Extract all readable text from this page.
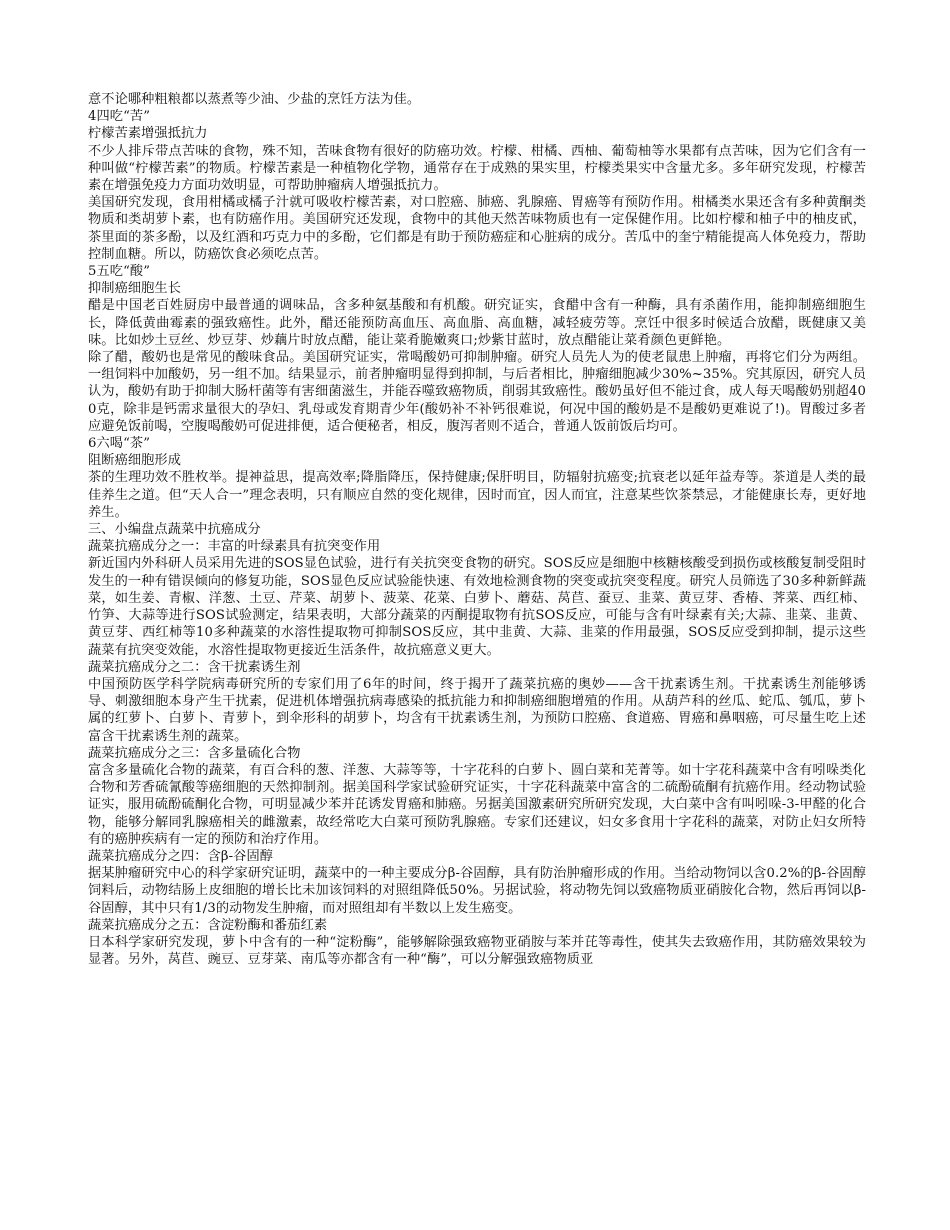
意不论哪种粗粮都以蒸煮等少油、少盐的烹饪方法为佳。

4四吃“苦”

柠檬苦素增强抵抗力

不少人排斥带点苦味的食物，殊不知，苦味食物有很好的防癌功效。柠檬、柑橘、西柚、葡萄柚等水果都有点苦味，因为它们含有一种叫做“柠檬苦素”的物质。柠檬苦素是一种植物化学物，通常存在于成熟的果实里，柠檬类果实中含量尤多。多年研究发现，柠檬苦素在增强免疫力方面功效明显，可帮助肿瘤病人增强抵抗力。

美国研究发现，食用柑橘或橘子汁就可吸收柠檬苦素，对口腔癌、肺癌、乳腺癌、胃癌等有预防作用。柑橘类水果还含有多种黄酮类物质和类胡萝卜素，也有防癌作用。美国研究还发现，食物中的其他天然苦味物质也有一定保健作用。比如柠檬和柚子中的柚皮甙，茶里面的茶多酚，以及红酒和巧克力中的多酚，它们都是有助于预防癌症和心脏病的成分。苦瓜中的奎宁精能提高人体免疫力，帮助控制血糖。所以，防癌饮食必须吃点苦。

5五吃“酸”

抑制癌细胞生长

醋是中国老百姓厨房中最普通的调味品，含多种氨基酸和有机酸。研究证实，食醋中含有一种酶，具有杀菌作用，能抑制癌细胞生长，降低黄曲霉素的强致癌性。此外，醋还能预防高血压、高血脂、高血糖，减轻疲劳等。烹饪中很多时候适合放醋，既健康又美味。比如炒土豆丝、炒豆芽、炒藕片时放点醋，能让菜肴脆嫩爽口;炒紫甘蓝时，放点醋能让菜肴颜色更鲜艳。

除了醋，酸奶也是常见的酸味食品。美国研究证实，常喝酸奶可抑制肿瘤。研究人员先人为的使老鼠患上肿瘤，再将它们分为两组。一组饲料中加酸奶，另一组不加。结果显示，前者肿瘤明显得到抑制，与后者相比，肿瘤细胞减少30%~35%。究其原因，研究人员认为，酸奶有助于抑制大肠杆菌等有害细菌滋生，并能吞噬致癌物质，削弱其致癌性。酸奶虽好但不能过食，成人每天喝酸奶别超400克，除非是钙需求量很大的孕妇、乳母或发育期青少年(酸奶补不补钙很难说，何况中国的酸奶是不是酸奶更难说了!)。胃酸过多者应避免饭前喝，空腹喝酸奶可促进排便，适合便秘者，相反，腹泻者则不适合，普通人饭前饭后均可。

6六喝“茶”

阻断癌细胞形成

茶的生理功效不胜枚举。提神益思，提高效率;降脂降压，保持健康;保肝明目，防辐射抗癌变;抗衰老以延年益寿等。茶道是人类的最佳养生之道。但“天人合一”理念表明，只有顺应自然的变化规律，因时而宜，因人而宜，注意某些饮茶禁忌，才能健康长寿，更好地养生。

三、小编盘点蔬菜中抗癌成分

蔬菜抗癌成分之一：丰富的叶绿素具有抗突变作用

新近国内外科研人员采用先进的SOS显色试验，进行有关抗突变食物的研究。SOS反应是细胞中核糖核酸受到损伤或核酸复制受阻时发生的一种有错误倾向的修复功能，SOS显色反应试验能快速、有效地检测食物的突变或抗突变程度。研究人员筛选了30多种新鲜蔬菜，如生姜、青椒、洋葱、土豆、芹菜、胡萝卜、菠菜、花菜、白萝卜、蘑菇、莴苣、蚕豆、韭菜、黄豆芽、香椿、荠菜、西红柿、竹笋、大蒜等进行SOS试验测定，结果表明，大部分蔬菜的丙酮提取物有抗SOS反应，可能与含有叶绿素有关;大蒜、韭菜、韭黄、黄豆芽、西红柿等10多种蔬菜的水溶性提取物可抑制SOS反应，其中韭黄、大蒜、韭菜的作用最强，SOS反应受到抑制，提示这些蔬菜有抗突变效能，水溶性提取物更接近生活条件，故抗癌意义更大。

蔬菜抗癌成分之二：含干扰素诱生剂

中国预防医学科学院病毒研究所的专家们用了6年的时间，终于揭开了蔬菜抗癌的奥妙——含干扰素诱生剂。干扰素诱生剂能够诱导、刺激细胞本身产生干扰素，促进机体增强抗病毒感染的抵抗能力和抑制癌细胞增殖的作用。从葫芦科的丝瓜、蛇瓜、瓠瓜，萝卜属的红萝卜、白萝卜、青萝卜，到伞形科的胡萝卜，均含有干扰素诱生剂，为预防口腔癌、食道癌、胃癌和鼻咽癌，可尽量生吃上述富含干扰素诱生剂的蔬菜。

蔬菜抗癌成分之三：含多量硫化合物

富含多量硫化合物的蔬菜，有百合科的葱、洋葱、大蒜等等，十字花科的白萝卜、圆白菜和芜菁等。如十字花科蔬菜中含有吲哚类化合物和芳香硫氰酸等癌细胞的天然抑制剂。据美国科学家试验研究证实，十字花科蔬菜中富含的二硫酚硫酮有抗癌作用。经动物试验证实，服用硫酚硫酮化合物，可明显减少苯并芘诱发胃癌和肺癌。另据美国激素研究所研究发现，大白菜中含有叫吲哚-3-甲醛的化合物，能够分解同乳腺癌相关的雌激素，故经常吃大白菜可预防乳腺癌。专家们还建议，妇女多食用十字花科的蔬菜，对防止妇女所特有的癌肿疾病有一定的预防和治疗作用。

蔬菜抗癌成分之四：含β-谷固醇

据某肿瘤研究中心的科学家研究证明，蔬菜中的一种主要成分β-谷固醇，具有防治肿瘤形成的作用。当给动物饲以含0.2%的β-谷固醇饲料后，动物结肠上皮细胞的增长比未加该饲料的对照组降低50%。另据试验，将动物先饲以致癌物质亚硝胺化合物，然后再饲以β-谷固醇，其中只有1/3的动物发生肿瘤，而对照组却有半数以上发生癌变。

蔬菜抗癌成分之五：含淀粉酶和番茄红素

日本科学家研究发现，萝卜中含有的一种“淀粉酶”，能够解除强致癌物亚硝胺与苯并芘等毒性，使其失去致癌作用，其防癌效果较为显著。另外，莴苣、豌豆、豆芽菜、南瓜等亦都含有一种“酶”，可以分解强致癌物质亚
